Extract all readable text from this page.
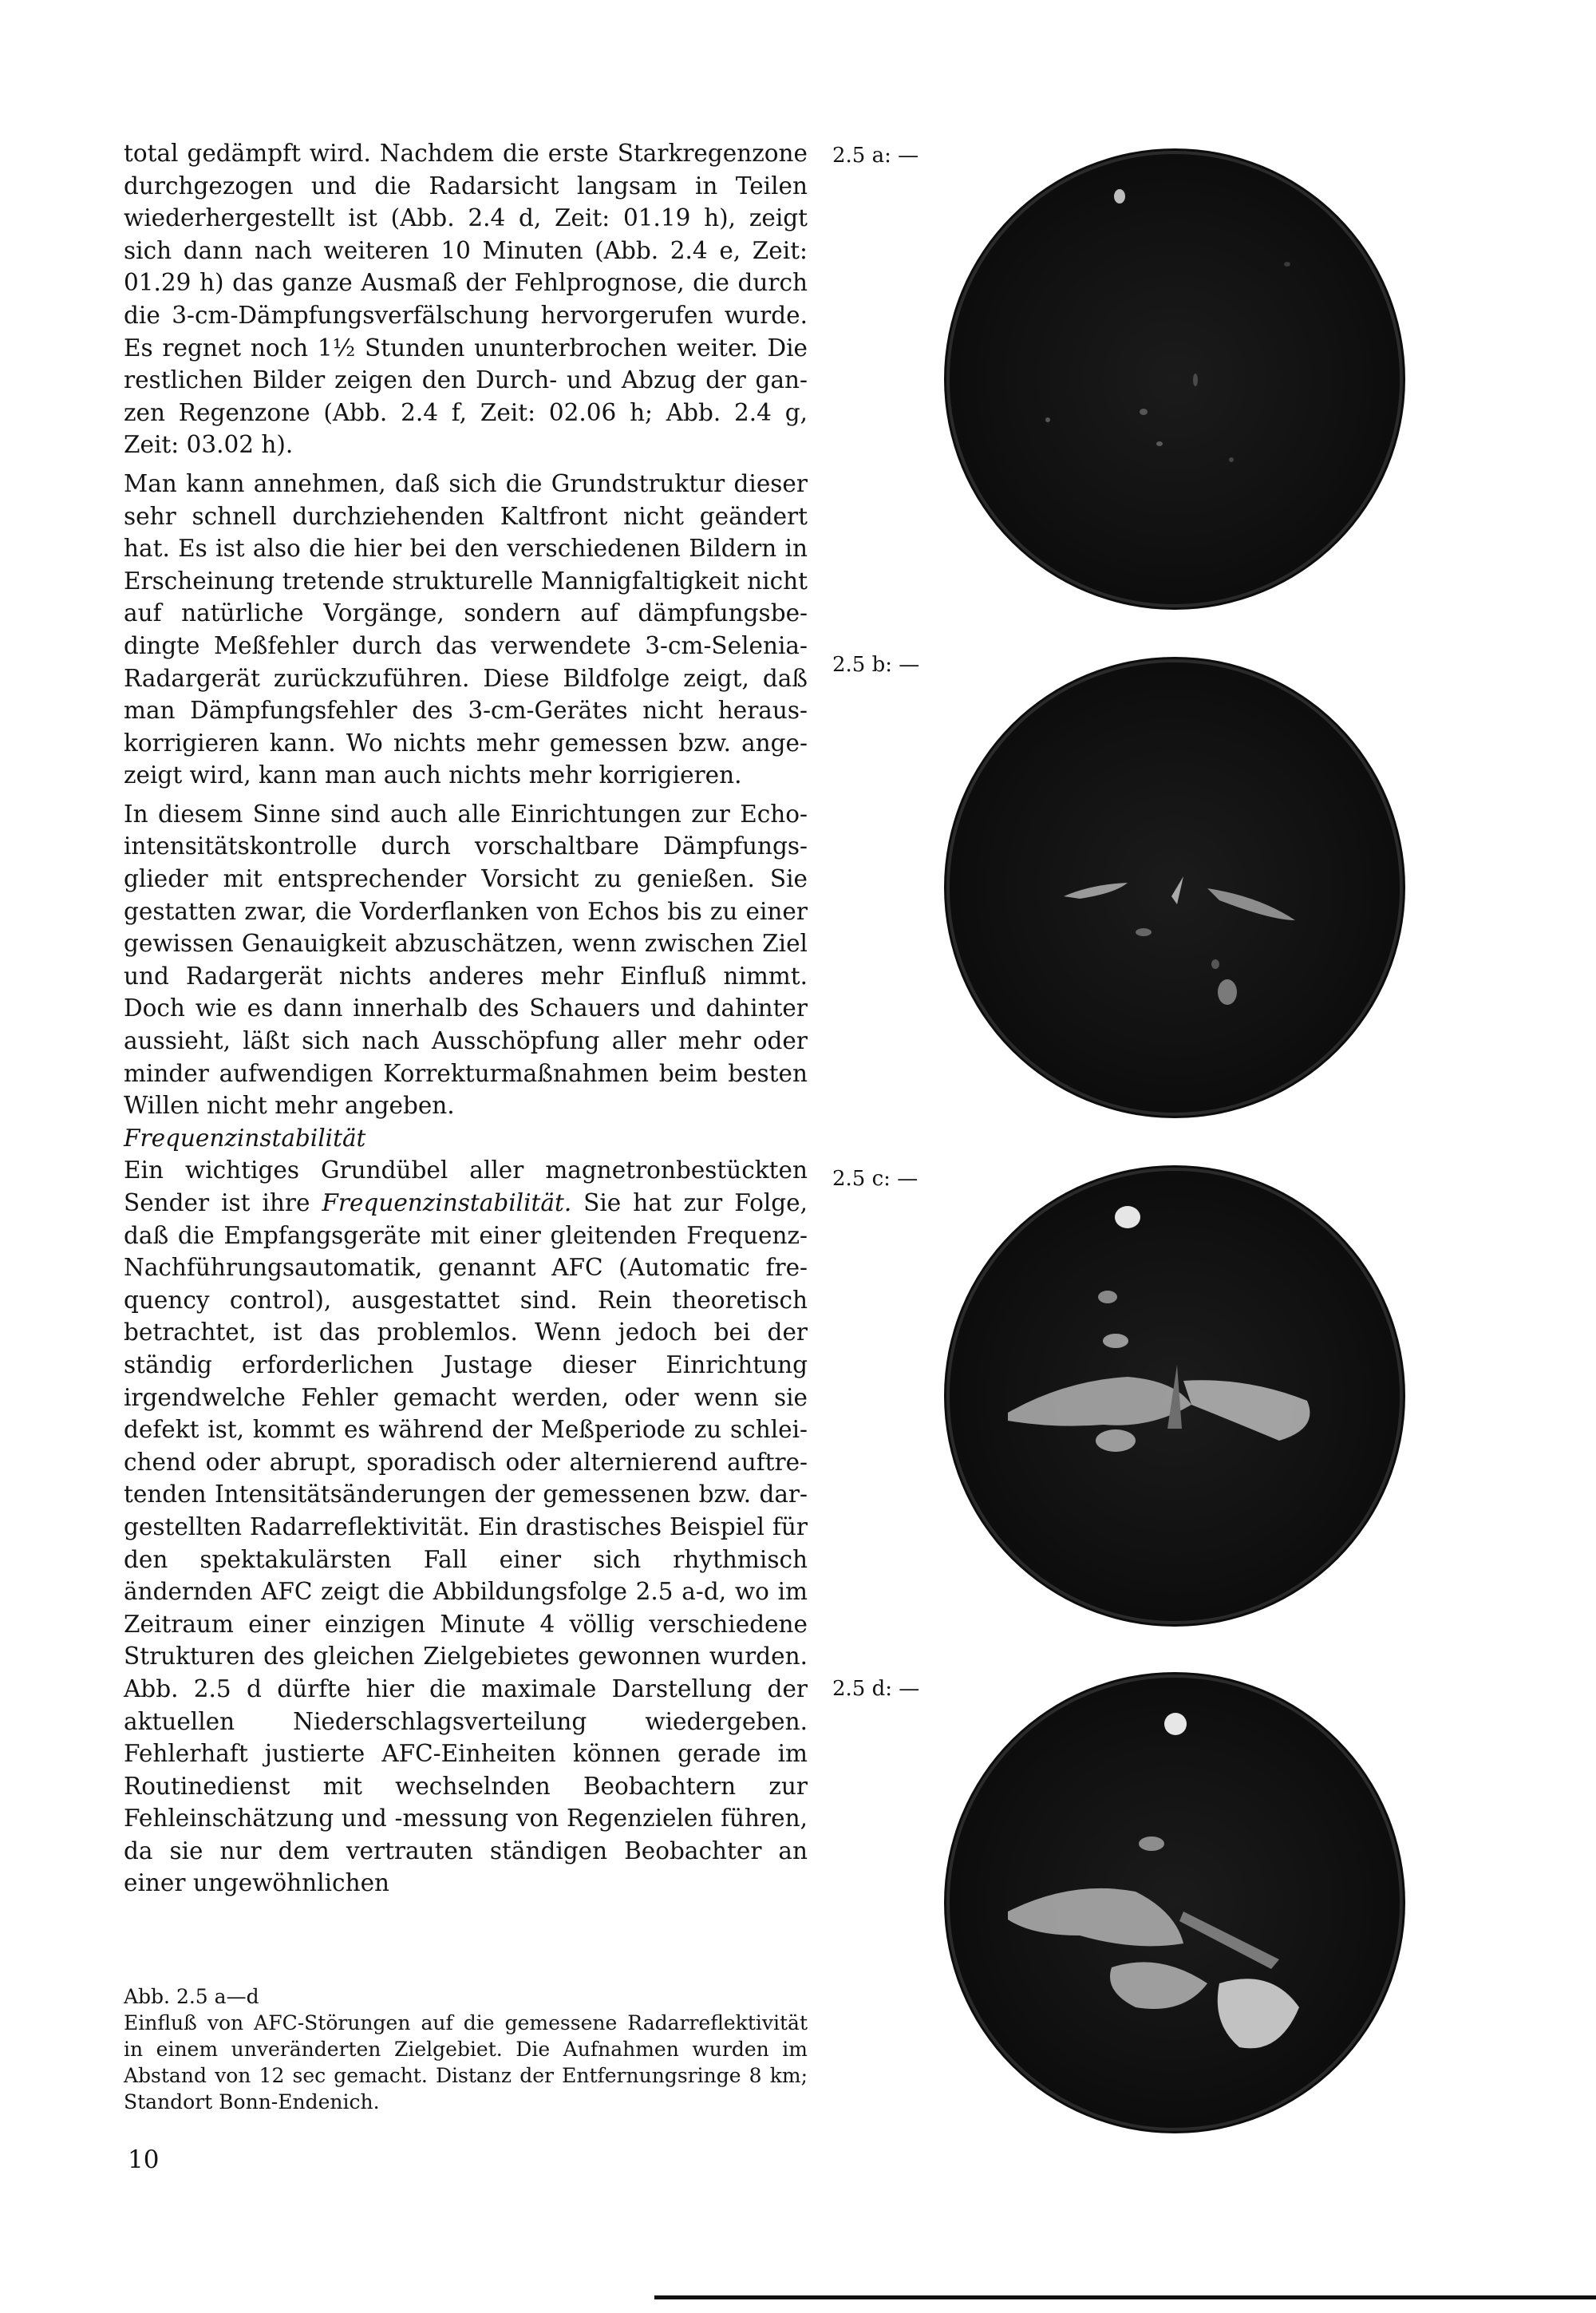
total gedämpft wird. Nachdem die erste Starkregenzone durchgezogen und die Radarsicht langsam in Teilen wiederhergestellt ist (Abb. 2.4 d, Zeit: 01.19 h), zeigt sich dann nach weiteren 10 Minuten (Abb. 2.4 e, Zeit: 01.29 h) das ganze Ausmaß der Fehlprognose, die durch die 3-cm-Dämpfungsverfälschung hervorgerufen wurde. Es regnet noch 1½ Stunden ununterbrochen weiter. Die restlichen Bilder zeigen den Durch- und Abzug der ganzen Regenzone (Abb. 2.4 f, Zeit: 02.06 h; Abb. 2.4 g, Zeit: 03.02 h).

Man kann annehmen, daß sich die Grundstruktur dieser sehr schnell durchziehenden Kaltfront nicht geändert hat. Es ist also die hier bei den verschiedenen Bildern in Erscheinung tretende strukturelle Mannigfaltigkeit nicht auf natürliche Vorgänge, sondern auf dämpfungsbedingte Meßfehler durch das verwendete 3-cm-Selenia-Radargerät zurückzuführen. Diese Bildfolge zeigt, daß man Dämpfungsfehler des 3-cm-Gerätes nicht herauskorrigieren kann. Wo nichts mehr gemessen bzw. angezeigt wird, kann man auch nichts mehr korrigieren.

In diesem Sinne sind auch alle Einrichtungen zur Echointensitätskontrolle durch vorschaltbare Dämpfungsglieder mit entsprechender Vorsicht zu genießen. Sie gestatten zwar, die Vorderflanken von Echos bis zu einer gewissen Genauigkeit abzuschätzen, wenn zwischen Ziel und Radargerät nichts anderes mehr Einfluß nimmt. Doch wie es dann innerhalb des Schauers und dahinter aussieht, läßt sich nach Ausschöpfung aller mehr oder minder aufwendigen Korrekturmaßnahmen beim besten Willen nicht mehr angeben.

Frequenzinstabilität

Ein wichtiges Grundübel aller magnetronbestückten Sender ist ihre Frequenzinstabilität. Sie hat zur Folge, daß die Empfangsgeräte mit einer gleitenden Frequenz-Nachführungsautomatik, genannt AFC (Automatic frequency control), ausgestattet sind. Rein theoretisch betrachtet, ist das problemlos. Wenn jedoch bei der ständig erforderlichen Justage dieser Einrichtung irgendwelche Fehler gemacht werden, oder wenn sie defekt ist, kommt es während der Meßperiode zu schleichend oder abrupt, sporadisch oder alternierend auftretenden Intensitätsänderungen der gemessenen bzw. dargestellten Radarreflektivität. Ein drastisches Beispiel für den spektakulärsten Fall einer sich rhythmisch ändernden AFC zeigt die Abbildungsfolge 2.5 a-d, wo im Zeitraum einer einzigen Minute 4 völlig verschiedene Strukturen des gleichen Zielgebietes gewonnen wurden. Abb. 2.5 d dürfte hier die maximale Darstellung der aktuellen Niederschlagsverteilung wiedergeben. Fehlerhaft justierte AFC-Einheiten können gerade im Routinedienst mit wechselnden Beobachtern zur Fehleinschätzung und -messung von Regenzielen führen, da sie nur dem vertrauten ständigen Beobachter an einer ungewöhnlichen

Abb. 2.5 a—d

Einfluß von AFC-Störungen auf die gemessene Radarreflektivität in einem unveränderten Zielgebiet. Die Aufnahmen wurden im Abstand von 12 sec gemacht. Distanz der Entfernungsringe 8 km; Standort Bonn-Endenich.

10
2.5 a: —
2.5 b: —
2.5 c: —
2.5 d: —
